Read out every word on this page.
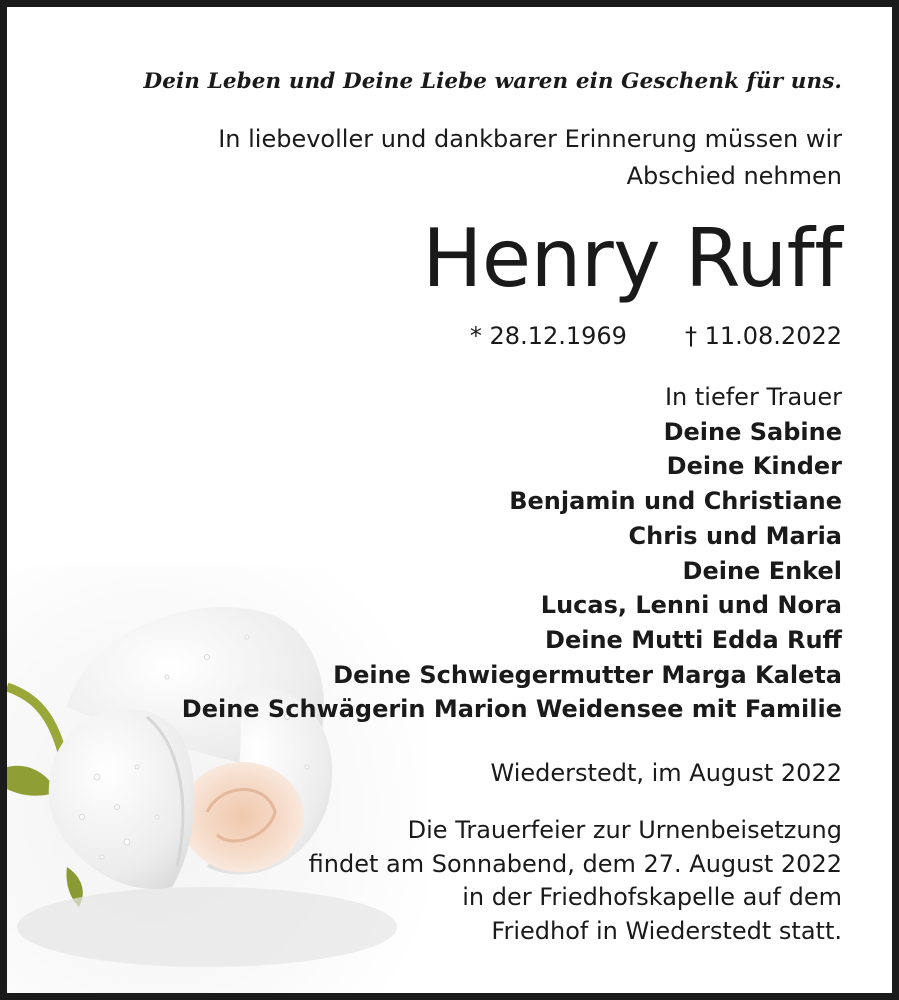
Dein Leben und Deine Liebe waren ein Geschenk für uns.
In liebevoller und dankbarer Erinnerung müssen wir
Abschied nehmen
Henry Ruff
* 28.12.1969 † 11.08.2022
In tiefer Trauer
Deine Sabine
Deine Kinder
Benjamin und Christiane
Chris und Maria
Deine Enkel
Lucas, Lenni und Nora
Deine Mutti Edda Ruff
Deine Schwiegermutter Marga Kaleta
Deine Schwägerin Marion Weidensee mit Familie
Wiederstedt, im August 2022
Die Trauerfeier zur Urnenbeisetzung
findet am Sonnabend, dem 27. August 2022
in der Friedhofskapelle auf dem
Friedhof in Wiederstedt statt.
